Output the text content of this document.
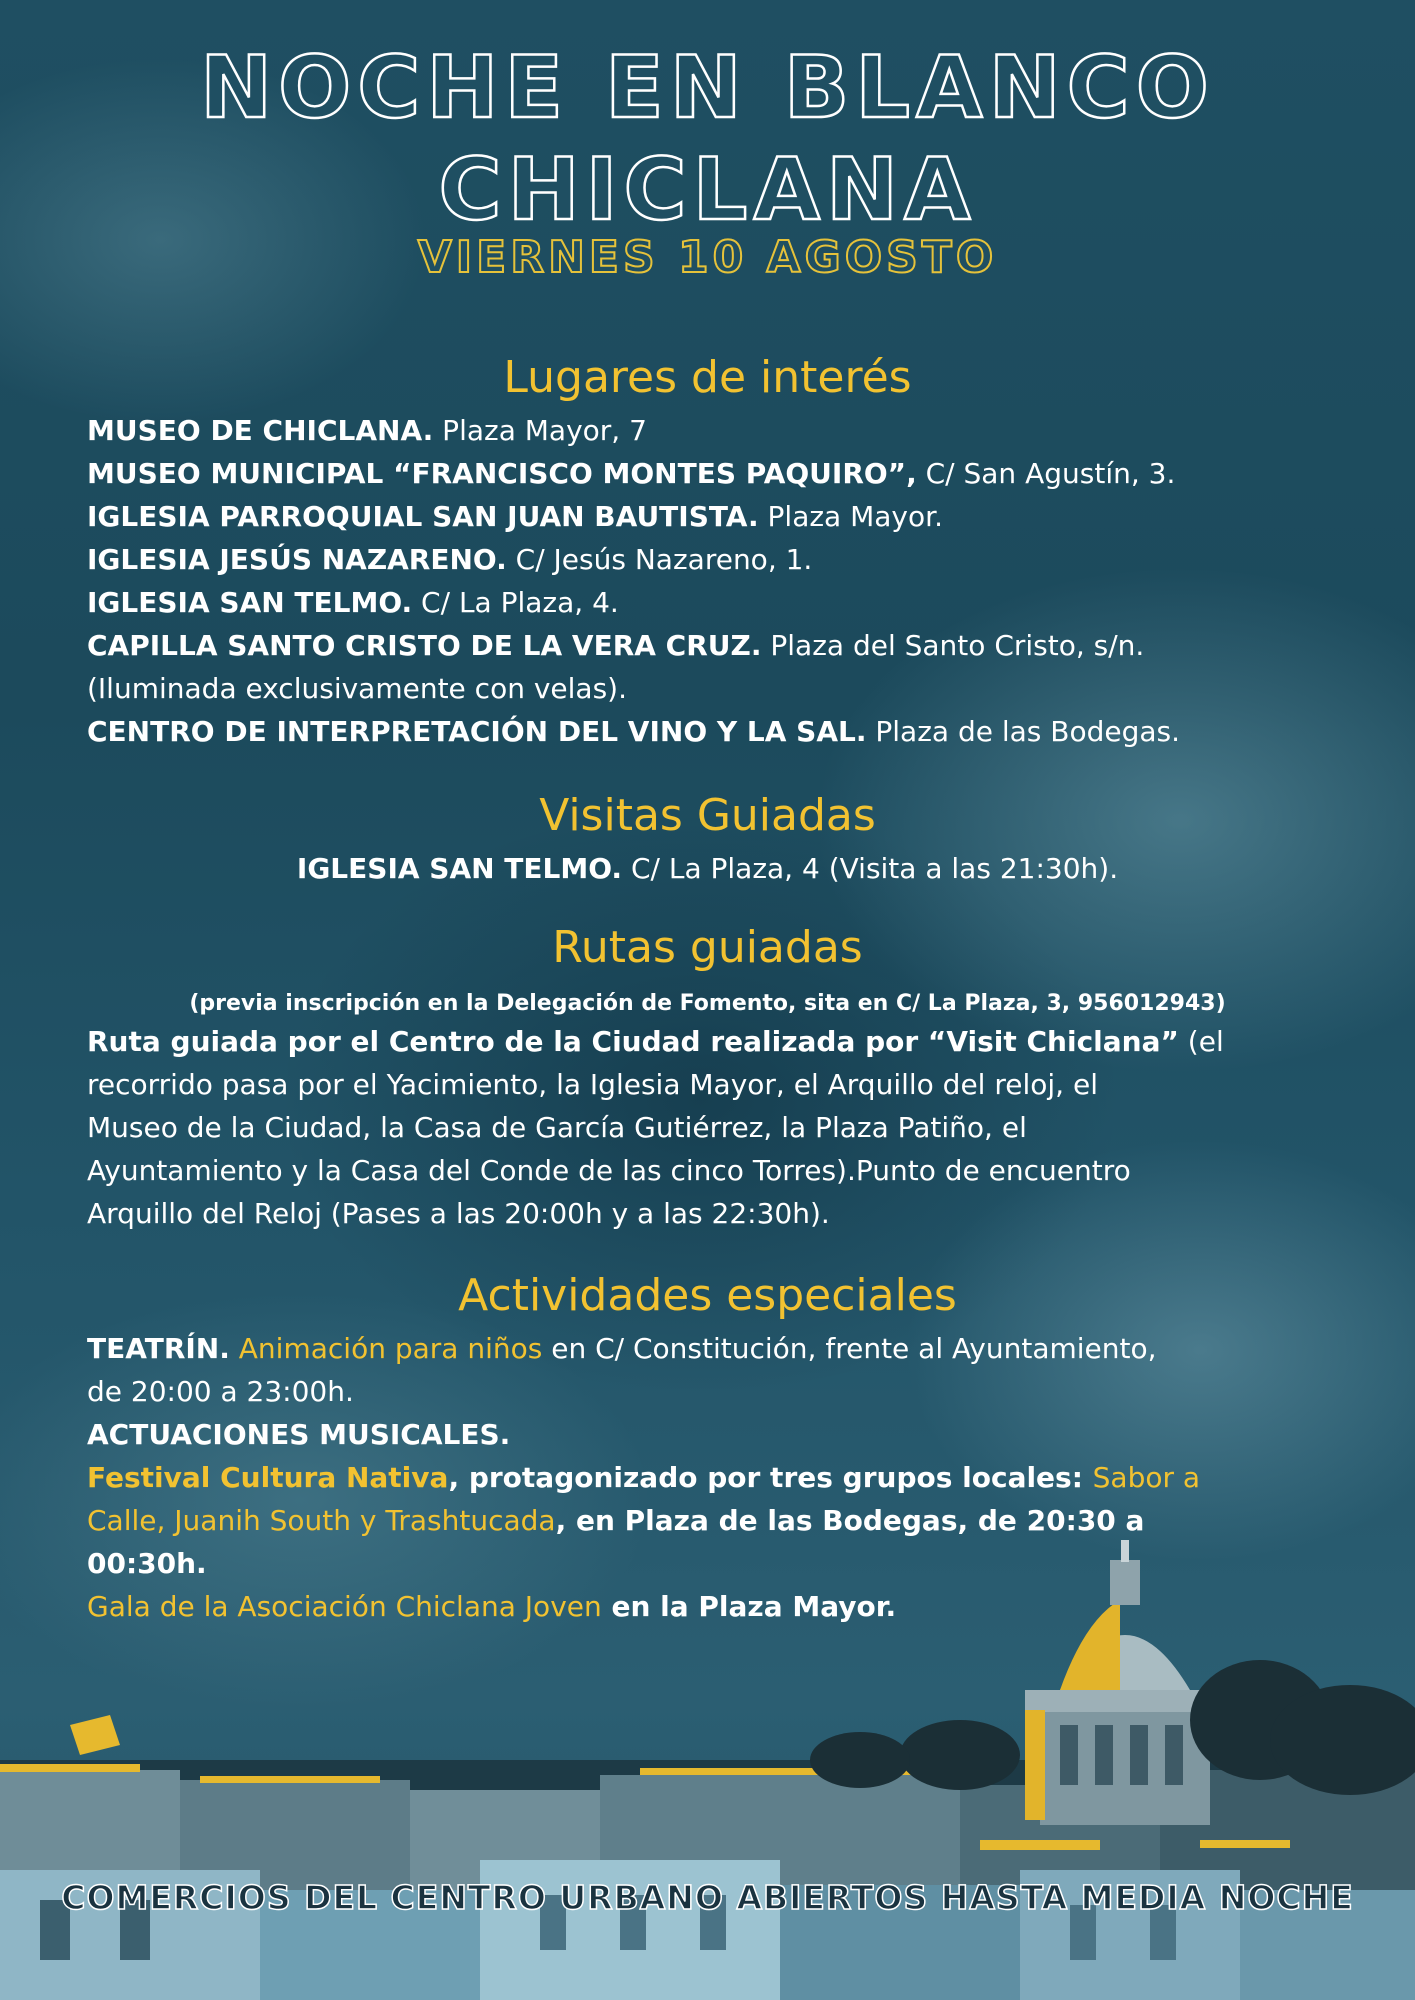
NOCHE EN BLANCO
CHICLANA
VIERNES 10 AGOSTO
Lugares de interés
MUSEO DE CHICLANA. Plaza Mayor, 7
MUSEO MUNICIPAL “FRANCISCO MONTES PAQUIRO”, C/ San Agustín, 3.
IGLESIA PARROQUIAL SAN JUAN BAUTISTA. Plaza Mayor.
IGLESIA JESÚS NAZARENO. C/ Jesús Nazareno, 1.
IGLESIA SAN TELMO. C/ La Plaza, 4.
CAPILLA SANTO CRISTO DE LA VERA CRUZ. Plaza del Santo Cristo, s/n.
(Iluminada exclusivamente con velas).
CENTRO DE INTERPRETACIÓN DEL VINO Y LA SAL. Plaza de las Bodegas.
Visitas Guiadas
IGLESIA SAN TELMO. C/ La Plaza, 4 (Visita a las 21:30h).
Rutas guiadas
(previa inscripción en la Delegación de Fomento, sita en C/ La Plaza, 3, 956012943)
Ruta guiada por el Centro de la Ciudad realizada por “Visit Chiclana” (el
recorrido pasa por el Yacimiento, la Iglesia Mayor, el Arquillo del reloj, el
Museo de la Ciudad, la Casa de García Gutiérrez, la Plaza Patiño, el
Ayuntamiento y la Casa del Conde de las cinco Torres).Punto de encuentro
Arquillo del Reloj (Pases a las 20:00h y a las 22:30h).
Actividades especiales
TEATRÍN. Animación para niños en C/ Constitución, frente al Ayuntamiento,
de 20:00 a 23:00h.
ACTUACIONES MUSICALES.
Festival Cultura Nativa, protagonizado por tres grupos locales: Sabor a
Calle, Juanih South y Trashtucada, en Plaza de las Bodegas, de 20:30 a
00:30h.
Gala de la Asociación Chiclana Joven en la Plaza Mayor.
COMERCIOS DEL CENTRO URBANO ABIERTOS HASTA MEDIA NOCHE
